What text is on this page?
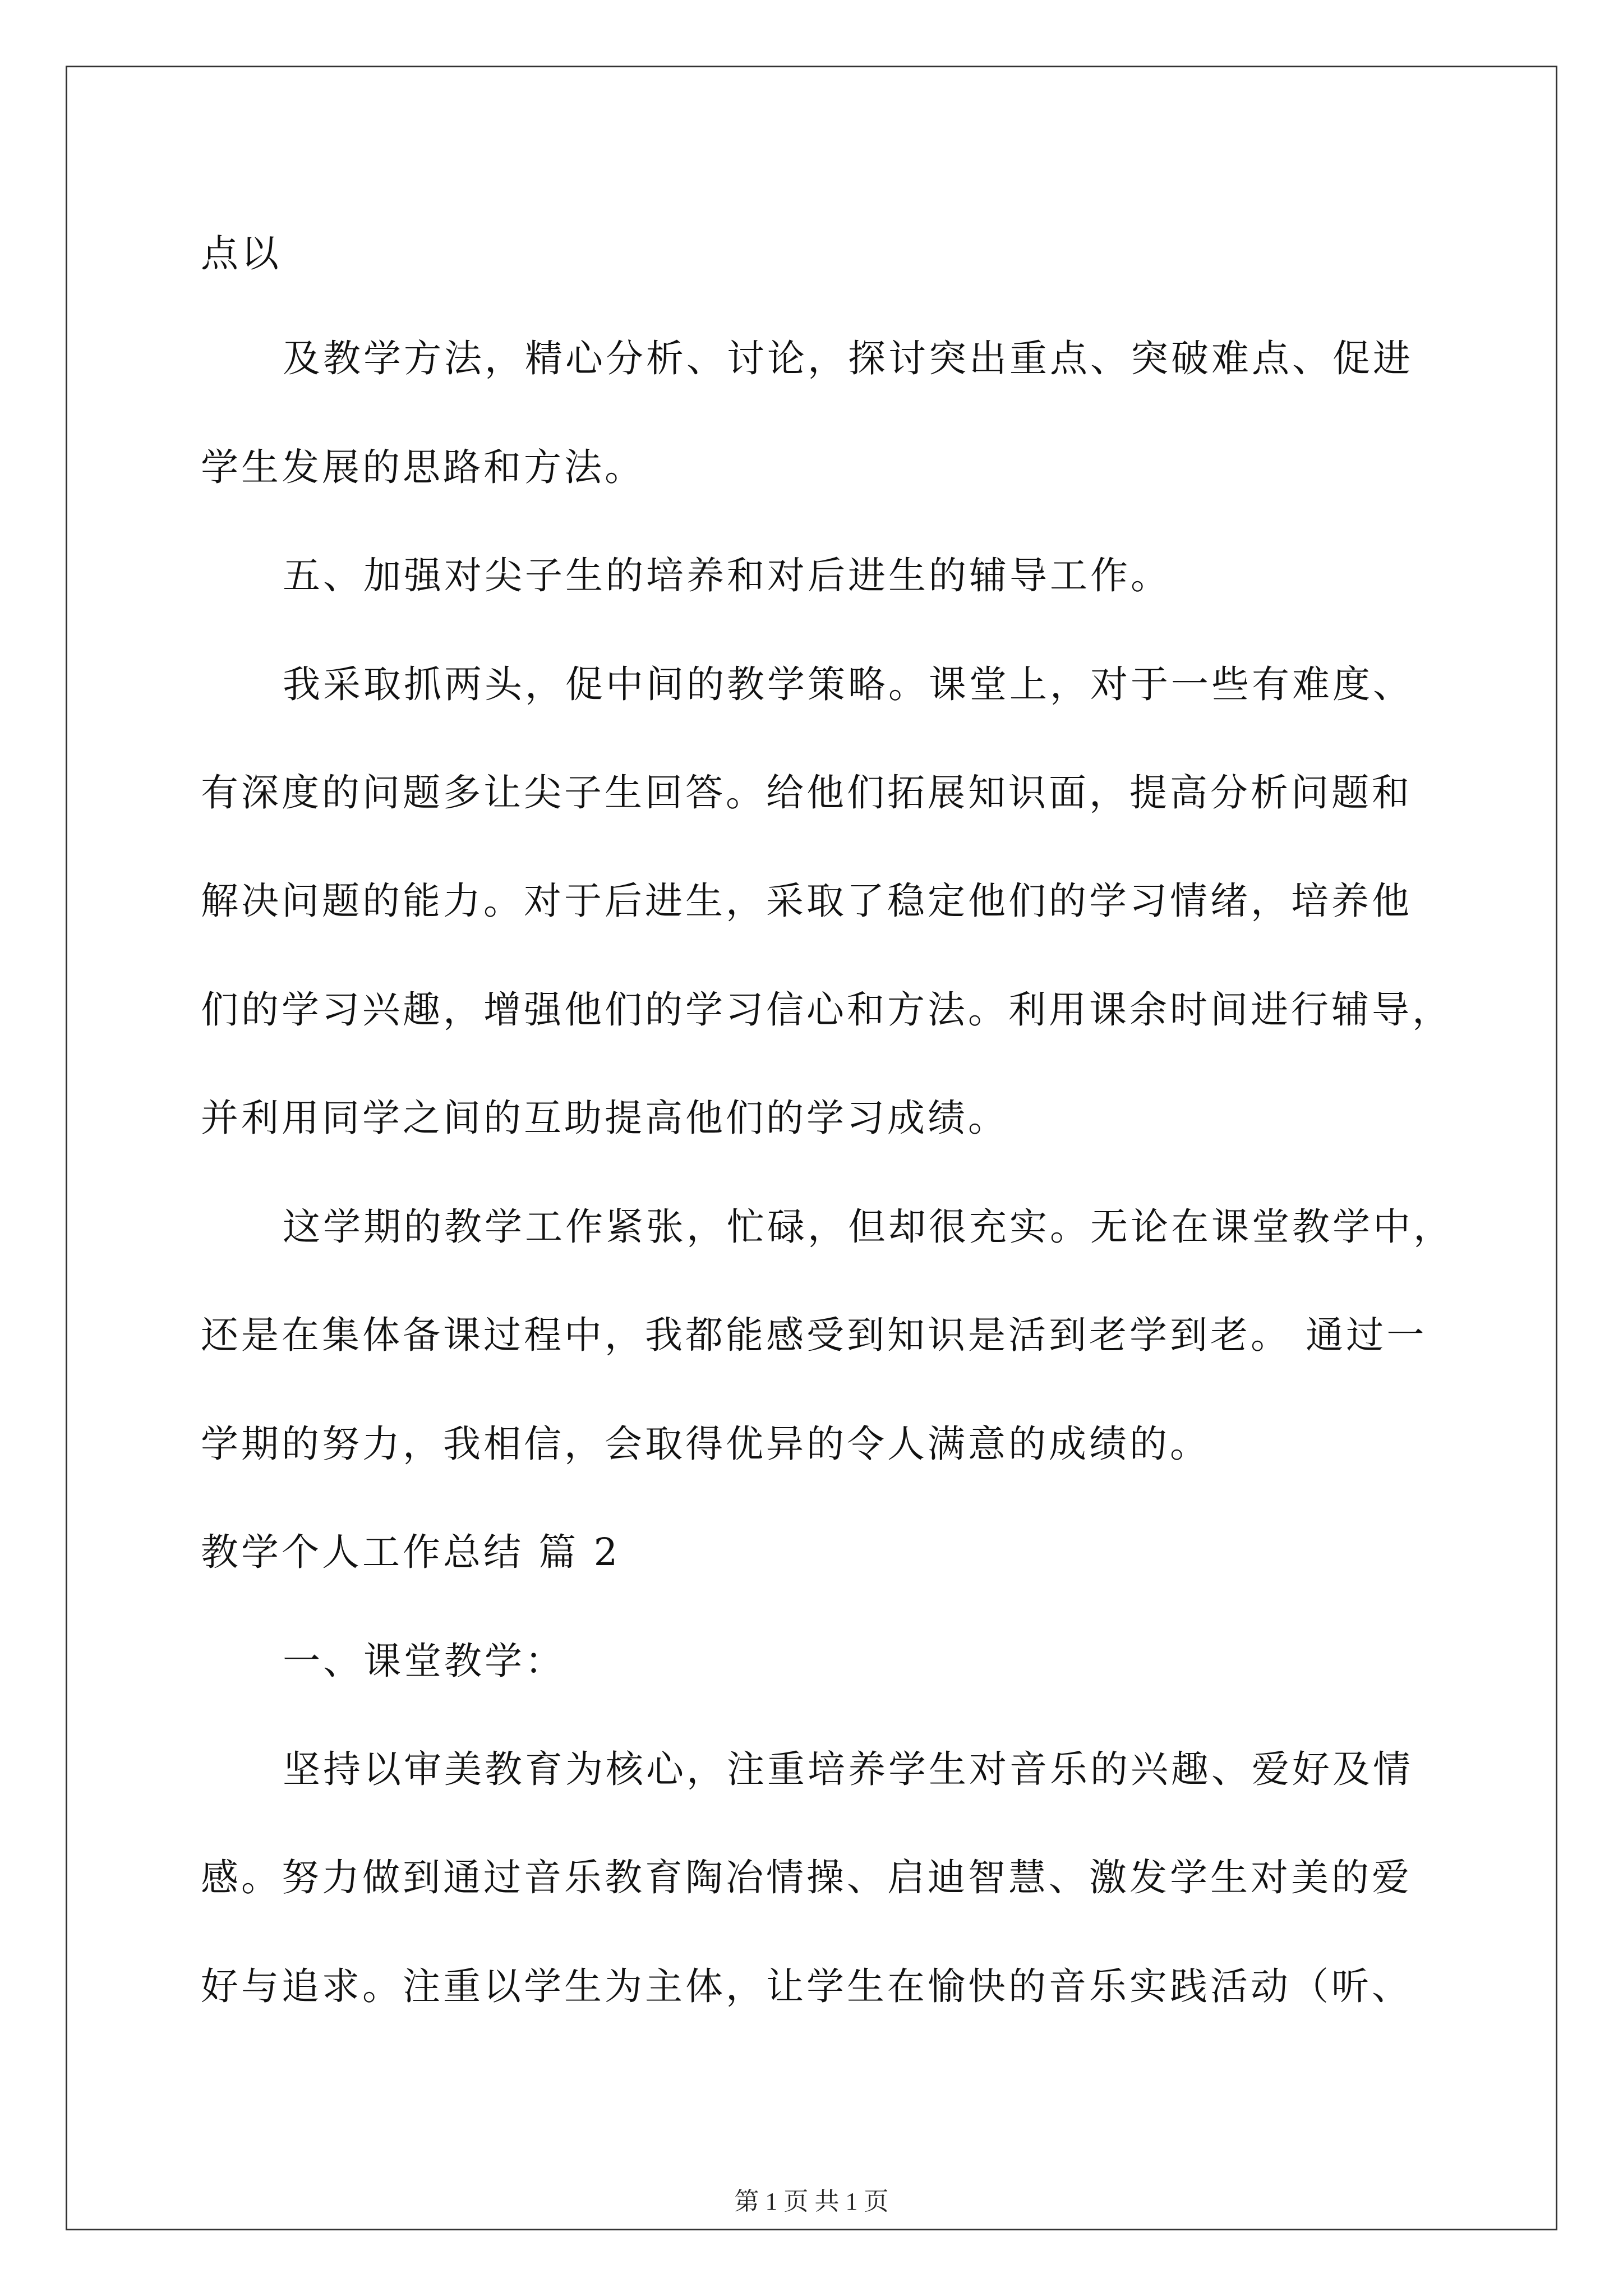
点以
及教学方法，精心分析、讨论，探讨突出重点、突破难点、促进
学生发展的思路和方法。
五、加强对尖子生的培养和对后进生的辅导工作。
我采取抓两头，促中间的教学策略。课堂上，对于一些有难度、
有深度的问题多让尖子生回答。给他们拓展知识面，提高分析问题和
解决问题的能力。对于后进生，采取了稳定他们的学习情绪，培养他
们的学习兴趣，增强他们的学习信心和方法。利用课余时间进行辅导，
并利用同学之间的互助提高他们的学习成绩。
这学期的教学工作紧张，忙碌，但却很充实。无论在课堂教学中，
还是在集体备课过程中，我都能感受到知识是活到老学到老。 通过一
学期的努力，我相信，会取得优异的令人满意的成绩的。
教学个人工作总结 篇 2
一、课堂教学：
坚持以审美教育为核心，注重培养学生对音乐的兴趣、爱好及情
感。努力做到通过音乐教育陶冶情操、启迪智慧、激发学生对美的爱
好与追求。注重以学生为主体，让学生在愉快的音乐实践活动（听、
第 1 页 共 1 页
